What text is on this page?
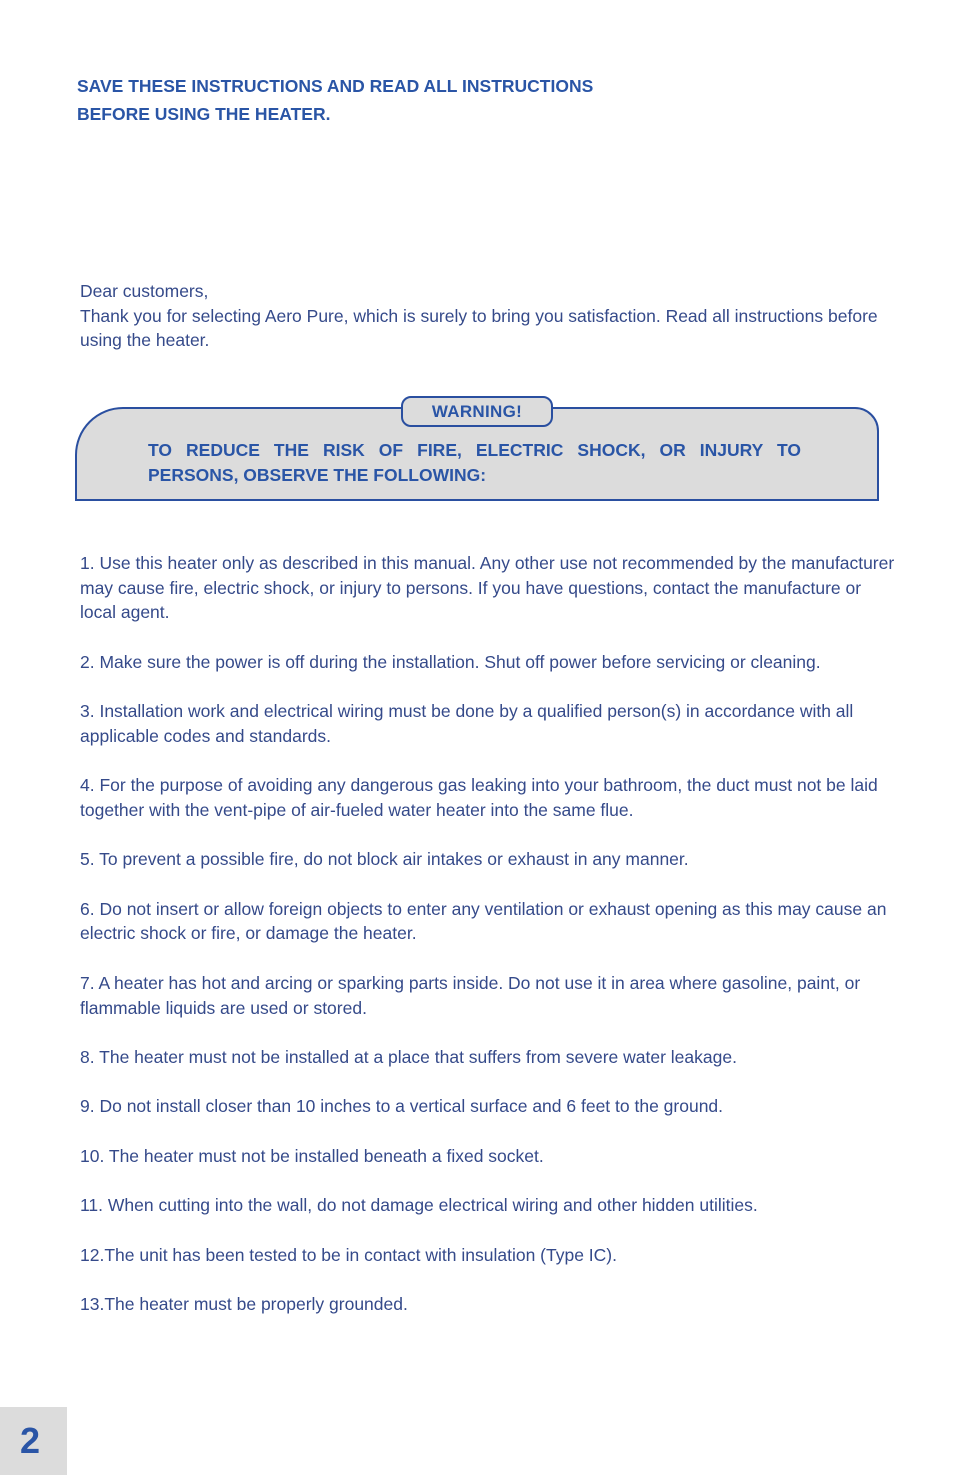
SAVE THESE INSTRUCTIONS AND READ ALL INSTRUCTIONS
BEFORE USING THE HEATER.
Dear customers,
Thank you for selecting Aero Pure, which is surely to bring you satisfaction. Read all instructions before using the heater.
WARNING!
TO REDUCE THE RISK OF FIRE, ELECTRIC SHOCK, OR INJURY TO PERSONS, OBSERVE THE FOLLOWING:
1. Use this heater only as described in this manual. Any other use not recommended by the manufacturer may cause fire, electric shock, or injury to persons. If you have questions, contact the manufacture or local agent.
2. Make sure the power is off during the installation. Shut off power before servicing or cleaning.
3. Installation work and electrical wiring must be done by a qualified person(s) in accordance with all applicable codes and standards.
4. For the purpose of avoiding any dangerous gas leaking into your bathroom, the duct must not be laid together with the vent-pipe of air-fueled water heater into the same flue.
5. To prevent a possible fire, do not block air intakes or exhaust in any manner.
6. Do not insert or allow foreign objects to enter any ventilation or exhaust opening as this may cause an electric shock or fire, or damage the heater.
7. A heater has hot and arcing or sparking parts inside. Do not use it in area where gasoline, paint, or flammable liquids are used or stored.
8. The heater must not be installed at a place that suffers from severe water leakage.
9. Do not install closer than 10 inches to a vertical surface and 6 feet to the ground.
10. The heater must not be installed beneath a fixed socket.
11. When cutting into the wall, do not damage electrical wiring and other hidden utilities.
12.The unit has been tested to be in contact with insulation (Type IC).
13.The heater must be properly grounded.
2
